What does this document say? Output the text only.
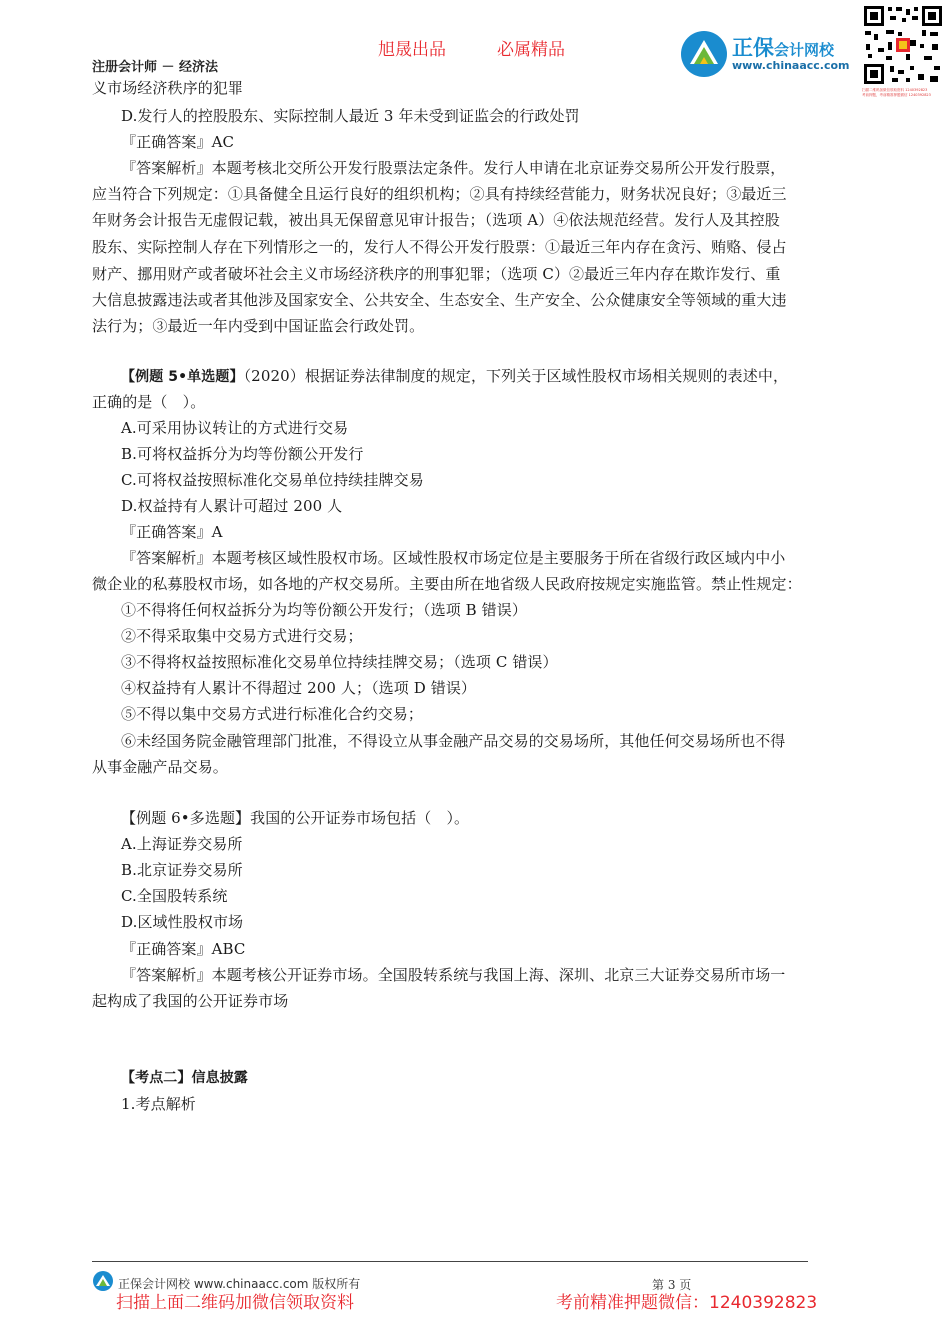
旭晟出品	必属精品
注册会计师 － 经济法
正保会计网校
www.chinaacc.com
扫描二维码加微信领取资料 1240392823
考前押题，考前精准押题微信 1240392823
义市场经济秩序的犯罪
D.发行人的控股股东、实际控制人最近 3 年未受到证监会的行政处罚
『正确答案』AC
『答案解析』本题考核北交所公开发行股票法定条件。发行人申请在北京证券交易所公开发行股票，
应当符合下列规定：①具备健全且运行良好的组织机构；②具有持续经营能力，财务状况良好；③最近三
年财务会计报告无虚假记载，被出具无保留意见审计报告；（选项 A）④依法规范经营。发行人及其控股
股东、实际控制人存在下列情形之一的，发行人不得公开发行股票：①最近三年内存在贪污、贿赂、侵占
财产、挪用财产或者破坏社会主义市场经济秩序的刑事犯罪；（选项 C）②最近三年内存在欺诈发行、重
大信息披露违法或者其他涉及国家安全、公共安全、生态安全、生产安全、公众健康安全等领域的重大违
法行为；③最近一年内受到中国证监会行政处罚。
【例题 5•单选题】（2020）根据证券法律制度的规定，下列关于区域性股权市场相关规则的表述中，
正确的是（　）。
A.可采用协议转让的方式进行交易
B.可将权益拆分为均等份额公开发行
C.可将权益按照标准化交易单位持续挂牌交易
D.权益持有人累计可超过 200 人
『正确答案』A
『答案解析』本题考核区域性股权市场。区域性股权市场定位是主要服务于所在省级行政区域内中小
微企业的私募股权市场，如各地的产权交易所。主要由所在地省级人民政府按规定实施监管。禁止性规定：
①不得将任何权益拆分为均等份额公开发行；（选项 B 错误）
②不得采取集中交易方式进行交易；
③不得将权益按照标准化交易单位持续挂牌交易；（选项 C 错误）
④权益持有人累计不得超过 200 人；（选项 D 错误）
⑤不得以集中交易方式进行标准化合约交易；
⑥未经国务院金融管理部门批准，不得设立从事金融产品交易的交易场所，其他任何交易场所也不得
从事金融产品交易。
【例题 6•多选题】我国的公开证券市场包括（　）。
A.上海证券交易所
B.北京证券交易所
C.全国股转系统
D.区域性股权市场
『正确答案』ABC
『答案解析』本题考核公开证券市场。全国股转系统与我国上海、深圳、北京三大证券交易所市场一
起构成了我国的公开证券市场
【考点二】信息披露
1.考点解析
正保会计网校 www.chinaacc.com 版权所有	第 3 页
扫描上面二维码加微信领取资料	考前精准押题微信：1240392823
